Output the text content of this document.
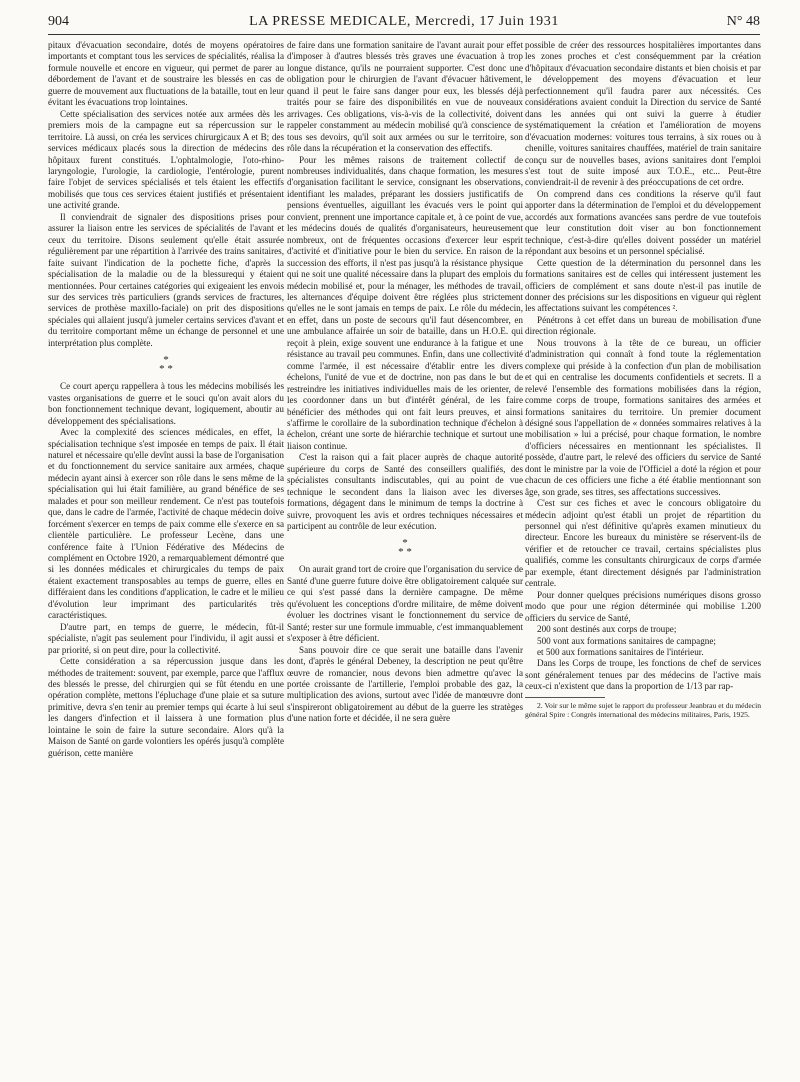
904	LA PRESSE MEDICALE, Mercredi, 17 Juin 1931	N° 48

pitaux d'évacuation secondaire, dotés de moyens opératoires importants et comptant tous les services de spécialités, réalisa la formule nouvelle et encore en vigueur, qui permet de parer au débordement de l'avant et de soustraire les blessés en cas de guerre de mouvement aux fluctuations de la bataille, tout en leur évitant les évacuations trop lointaines.

Cette spécialisation des services notée aux armées dès les premiers mois de la campagne eut sa répercussion sur le territoire. Là aussi, on créa les services chirurgicaux A et B; des services médicaux placés sous la direction de médecins des hôpitaux furent constitués. L'ophtalmologie, l'oto-rhino-laryngologie, l'urologie, la cardiologie, l'entérologie, purent faire l'objet de services spécialisés et tels étaient les effectifs mobilisés que tous ces services étaient justifiés et présentaient une activité grande.

Il conviendrait de signaler des dispositions prises pour assurer la liaison entre les services de spécialités de l'avant et ceux du territoire. Disons seulement qu'elle était assurée régulièrement par une répartition à l'arrivée des trains sanitaires, faite suivant l'indication de la pochette fiche, d'après la spécialisation de la maladie ou de la blessurequi y étaient mentionnées. Pour certaines catégories qui exigeaient les envois sur des services très particuliers (grands services de fractures, services de prothèse maxillo-faciale) on prit des dispositions spéciales qui allaient jusqu'à jumeler certains services d'avant et du territoire comportant même un échange de personnel et une interprétation plus complète.

*
* *

Ce court aperçu rappellera à tous les médecins mobilisés les vastes organisations de guerre et le souci qu'on avait alors du bon fonctionnement technique devant, logiquement, aboutir au développement des spécialisations.

Avec la complexité des sciences médicales, en effet, la spécialisation technique s'est imposée en temps de paix. Il était naturel et nécessaire qu'elle devînt aussi la base de l'organisation et du fonctionnement du service sanitaire aux armées, chaque médecin ayant ainsi à exercer son rôle dans le sens même de la spécialisation qui lui était familière, au grand bénéfice de ses malades et pour son meilleur rendement. Ce n'est pas toutefois que, dans le cadre de l'armée, l'activité de chaque médecin doive forcément s'exercer en temps de paix comme elle s'exerce en sa clientèle particulière. Le professeur Lecène, dans une conférence faite à l'Union Fédérative des Médecins de complément en Octobre 1920, a remarquablement démontré que si les données médicales et chirurgicales du temps de paix étaient exactement transposables au temps de guerre, elles en différaient dans les conditions d'application, le cadre et le milieu d'évolution leur imprimant des particularités très caractéristiques.

D'autre part, en temps de guerre, le médecin, fût-il spécialiste, n'agit pas seulement pour l'individu, il agit aussi et par priorité, si on peut dire, pour la collectivité.

Cette considération a sa répercussion jusque dans les méthodes de traitement: souvent, par exemple, parce que l'afflux des blessés le presse, del chirurgien qui se fût étendu en une opération complète, mettons l'épluchage d'une plaie et sa suture primitive, devra s'en tenir au premier temps qui écarte à lui seul les dangers d'infection et il laissera à une formation plus lointaine le soin de faire la suture secondaire. Alors qu'à la Maison de Santé on garde volontiers les opérés jusqu'à complète guérison, cette manière

de faire dans une formation sanitaire de l'avant aurait pour effet d'imposer à d'autres blessés très graves une évacuation à trop longue distance, qu'ils ne pourraient supporter. C'est donc une obligation pour le chirurgien de l'avant d'évacuer hâtivement, quand il peut le faire sans danger pour eux, les blessés déjà traités pour se faire des disponibilités en vue de nouveaux arrivages. Ces obligations, vis-à-vis de la collectivité, doivent rappeler constamment au médecin mobilisé qu'à conscience de tous ses devoirs, qu'il soit aux armées ou sur le territoire, son rôle dans la récupération et la conservation des effectifs.

Pour les mêmes raisons de traitement collectif de nombreuses individualités, dans chaque formation, les mesures d'organisation facilitant le service, consignant les observations, identifiant les malades, préparant les dossiers justificatifs de pensions éventuelles, aiguillant les évacués vers le point qui convient, prennent une importance capitale et, à ce point de vue, les médecins doués de qualités d'organisateurs, heureusement nombreux, ont de fréquentes occasions d'exercer leur esprit d'activité et d'initiative pour le bien du service. En raison de la succession des efforts, il n'est pas jusqu'à la résistance physique qui ne soit une qualité nécessaire dans la plupart des emplois du médecin mobilisé et, pour la ménager, les méthodes de travail, les alternances d'équipe doivent être réglées plus strictement qu'elles ne le sont jamais en temps de paix. Le rôle du médecin, en effet, dans un poste de secours qu'il faut désencombrer, en une ambulance affairée un soir de bataille, dans un H.O.E. qui reçoit à plein, exige souvent une endurance à la fatigue et une résistance au travail peu communes. Enfin, dans une collectivité comme l'armée, il est nécessaire d'établir entre les divers échelons, l'unité de vue et de doctrine, non pas dans le but de restreindre les initiatives individuelles mais de les orienter, de les coordonner dans un but d'intérêt général, de les faire bénéficier des méthodes qui ont fait leurs preuves, et ainsi s'affirme le corollaire de la subordination technique d'échelon à échelon, créant une sorte de hiérarchie technique et surtout une liaison continue.

C'est la raison qui a fait placer auprès de chaque autorité supérieure du corps de Santé des conseillers qualifiés, des spécialistes consultants indiscutables, qui au point de vue technique le secondent dans la liaison avec les diverses formations, dégagent dans le minimum de temps la doctrine à suivre, provoquent les avis et ordres techniques nécessaires et participent au contrôle de leur exécution.

*
* *

On aurait grand tort de croire que l'organisation du service de Santé d'une guerre future doive être obligatoirement calquée sur ce qui s'est passé dans la dernière campagne. De même qu'évoluent les conceptions d'ordre militaire, de même doivent évoluer les doctrines visant le fonctionnement du service de Santé; rester sur une formule immuable, c'est immanquablement s'exposer à être déficient.

Sans pouvoir dire ce que serait une bataille dans l'avenir dont, d'après le général Debeney, la description ne peut qu'être œuvre de romancier, nous devons bien admettre qu'avec la portée croissante de l'artillerie, l'emploi probable des gaz, la multiplication des avions, surtout avec l'idée de manœuvre dont s'inspireront obligatoirement au début de la guerre les stratèges d'une nation forte et décidée, il ne sera guère

possible de créer des ressources hospitalières importantes dans les zones proches et c'est conséquemment par la création d'hôpitaux d'évacuation secondaire distants et bien choisis et par le développement des moyens d'évacuation et leur perfectionnement qu'il faudra parer aux nécessités. Ces considérations avaient conduit la Direction du service de Santé dans les années qui ont suivi la guerre à étudier systématiquement la création et l'amélioration de moyens d'évacuation modernes: voitures tous terrains, à six roues ou à chenille, voitures sanitaires chauffées, matériel de train sanitaire conçu sur de nouvelles bases, avions sanitaires dont l'emploi s'est tout de suite imposé aux T.O.E., etc... Peut-être conviendrait-il de revenir à des préoccupations de cet ordre.

On comprend dans ces conditions la réserve qu'il faut apporter dans la détermination de l'emploi et du développement accordés aux formations avancées sans perdre de vue toutefois que leur constitution doit viser au bon fonctionnement technique, c'est-à-dire qu'elles doivent posséder un matériel répondant aux besoins et un personnel spécialisé.

Cette question de la détermination du personnel dans les formations sanitaires est de celles qui intéressent justement les officiers de complément et sans doute n'est-il pas inutile de donner des précisions sur les dispositions en vigueur qui règlent les affectations suivant les compétences ².

Pénétrons à cet effet dans un bureau de mobilisation d'une direction régionale.

Nous trouvons à la tête de ce bureau, un officier d'administration qui connaît à fond toute la réglementation complexe qui préside à la confection d'un plan de mobilisation et qui en centralise les documents confidentiels et secrets. Il a relevé l'ensemble des formations mobilisées dans la région, comme corps de troupe, formations sanitaires des armées et formations sanitaires du territoire. Un premier document désigné sous l'appellation de « données sommaires relatives à la mobilisation » lui a précisé, pour chaque formation, le nombre d'officiers nécessaires en mentionnant les spécialistes. Il possède, d'autre part, le relevé des officiers du service de Santé dont le ministre par la voie de l'Officiel a doté la région et pour chacun de ces officiers une fiche a été établie mentionnant son âge, son grade, ses titres, ses affectations successives.

C'est sur ces fiches et avec le concours obligatoire du médecin adjoint qu'est établi un projet de répartition du personnel qui n'est définitive qu'après examen minutieux du directeur. Encore les bureaux du ministère se réservent-ils de vérifier et de retoucher ce travail, certains spécialistes plus qualifiés, comme les consultants chirurgicaux de corps d'armée par exemple, étant directement désignés par l'administration centrale.

Pour donner quelques précisions numériques disons grosso modo que pour une région déterminée qui mobilise 1.200 officiers du service de Santé,

200 sont destinés aux corps de troupe;

500 vont aux formations sanitaires de campagne;

et 500 aux formations sanitaires de l'intérieur.

Dans les Corps de troupe, les fonctions de chef de services sont généralement tenues par des médecins de l'active mais ceux-ci n'existent que dans la proportion de 1/13 par rap-

2. Voir sur le même sujet le rapport du professeur Jeanbrau et du médecin général Spire : Congrès international des médecins militaires, Paris, 1925.
